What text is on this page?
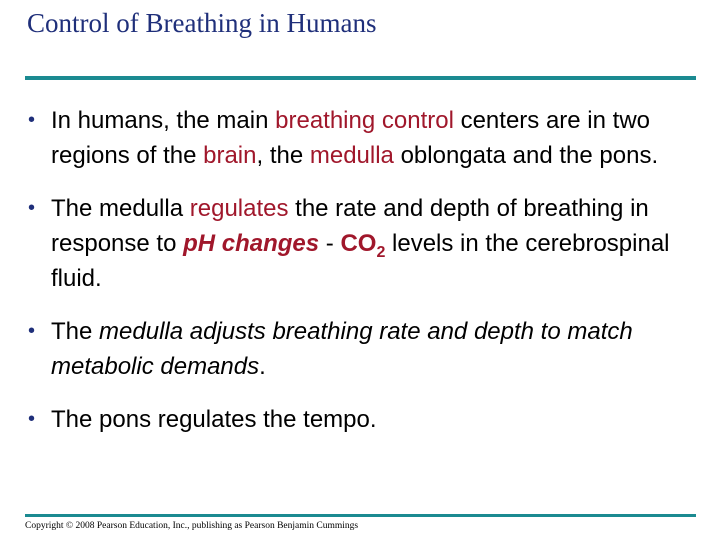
Control of Breathing in Humans
• In humans, the main breathing control centers are in two regions of the brain, the medulla oblongata and the pons.
• The medulla regulates the rate and depth of breathing in response to pH changes - $CO_2$ levels in the cerebrospinal fluid.
• The medulla adjusts breathing rate and depth to match metabolic demands.
• The pons regulates the tempo.
Copyright © 2008 Pearson Education, Inc., publishing as Pearson Benjamin Cummings
